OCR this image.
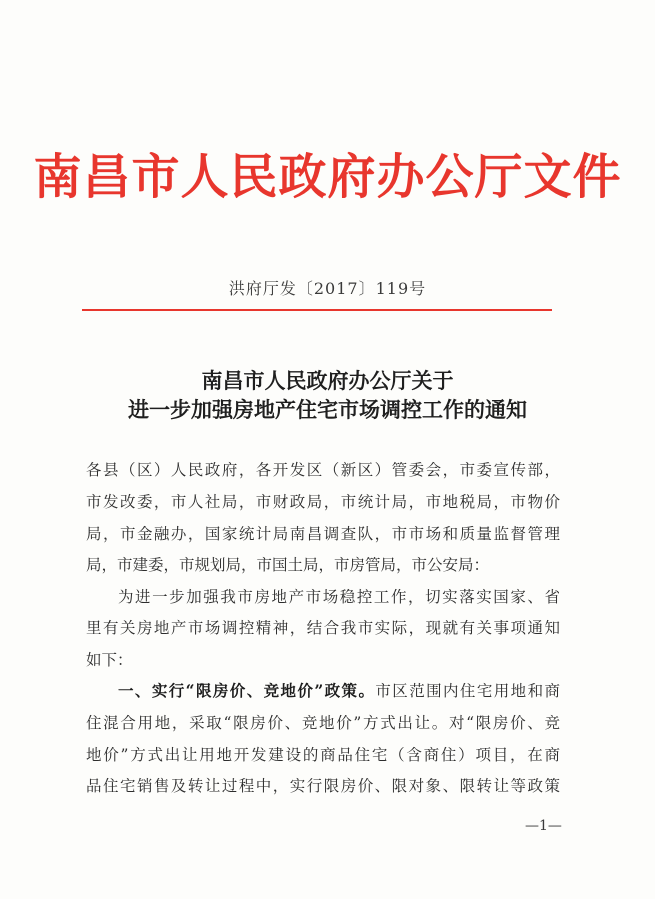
南昌市人民政府办公厅文件
洪府厅发〔2017〕119号
南昌市人民政府办公厅关于
进一步加强房地产住宅市场调控工作的通知
各县（区）人民政府，各开发区（新区）管委会，市委宣传部，
市发改委，市人社局，市财政局，市统计局，市地税局，市物价
局，市金融办，国家统计局南昌调查队，市市场和质量监督管理
局，市建委，市规划局，市国土局，市房管局，市公安局：
为进一步加强我市房地产市场稳控工作，切实落实国家、省
里有关房地产市场调控精神，结合我市实际，现就有关事项通知
如下：
一、实行“限房价、竞地价”政策。市区范围内住宅用地和商
住混合用地，采取“限房价、竞地价”方式出让。对“限房价、竞
地价”方式出让用地开发建设的商品住宅（含商住）项目，在商
品住宅销售及转让过程中，实行限房价、限对象、限转让等政策
—1—
